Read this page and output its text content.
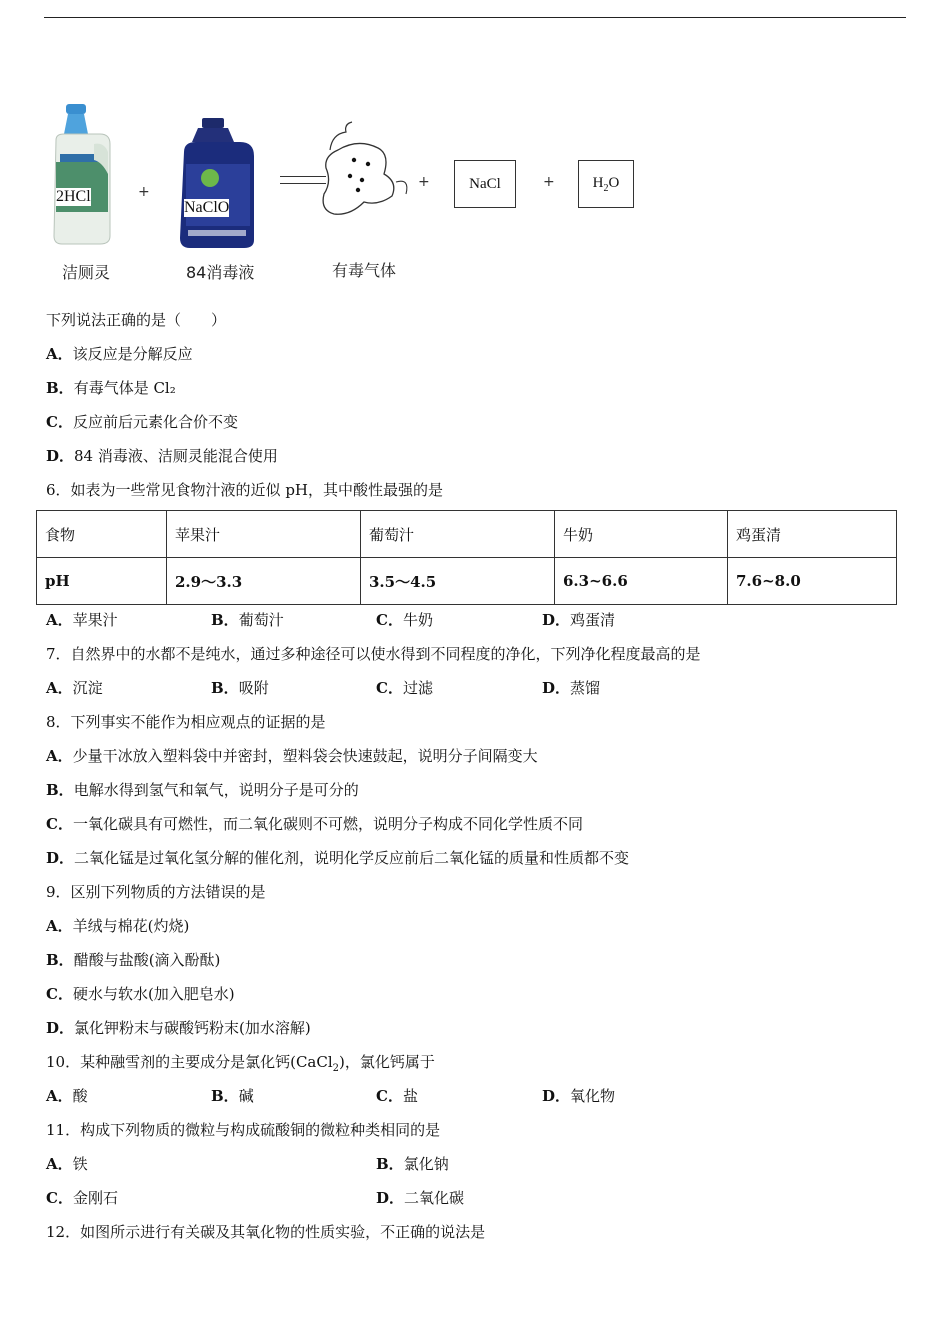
2HCl	+
NaClO
+	NaCl	+	$H_2O$
洁厕灵	84消毒液	有毒气体
下列说法正确的是（　　）
A．该反应是分解反应
B．有毒气体是 Cl₂
C．反应前后元素化合价不变
D．84 消毒液、洁厕灵能混合使用
6．如表为一些常见食物汁液的近似 pH，其中酸性最强的是
食物	苹果汁	葡萄汁	牛奶	鸡蛋清
pH	2.9～3.3	3.5～4.5	6.3~6.6	7.6~8.0
A．苹果汁	B．葡萄汁	C．牛奶	D．鸡蛋清
7．自然界中的水都不是纯水，通过多种途径可以使水得到不同程度的净化，下列净化程度最高的是
A．沉淀	B．吸附	C．过滤	D．蒸馏
8．下列事实不能作为相应观点的证据的是
A．少量干冰放入塑料袋中并密封，塑料袋会快速鼓起，说明分子间隔变大
B．电解水得到氢气和氧气，说明分子是可分的
C．一氧化碳具有可燃性，而二氧化碳则不可燃，说明分子构成不同化学性质不同
D．二氧化锰是过氧化氢分解的催化剂，说明化学反应前后二氧化锰的质量和性质都不变
9．区别下列物质的方法错误的是
A．羊绒与棉花(灼烧)
B．醋酸与盐酸(滴入酚酞)
C．硬水与软水(加入肥皂水)
D．氯化钾粉末与碳酸钙粉末(加水溶解)
10．某种融雪剂的主要成分是氯化钙(CaCl$_2$)，氯化钙属于
A．酸	B．碱	C．盐	D．氧化物
11．构成下列物质的微粒与构成硫酸铜的微粒种类相同的是
A．铁	B．氯化钠
C．金刚石	D．二氧化碳
12．如图所示进行有关碳及其氧化物的性质实验，不正确的说法是
